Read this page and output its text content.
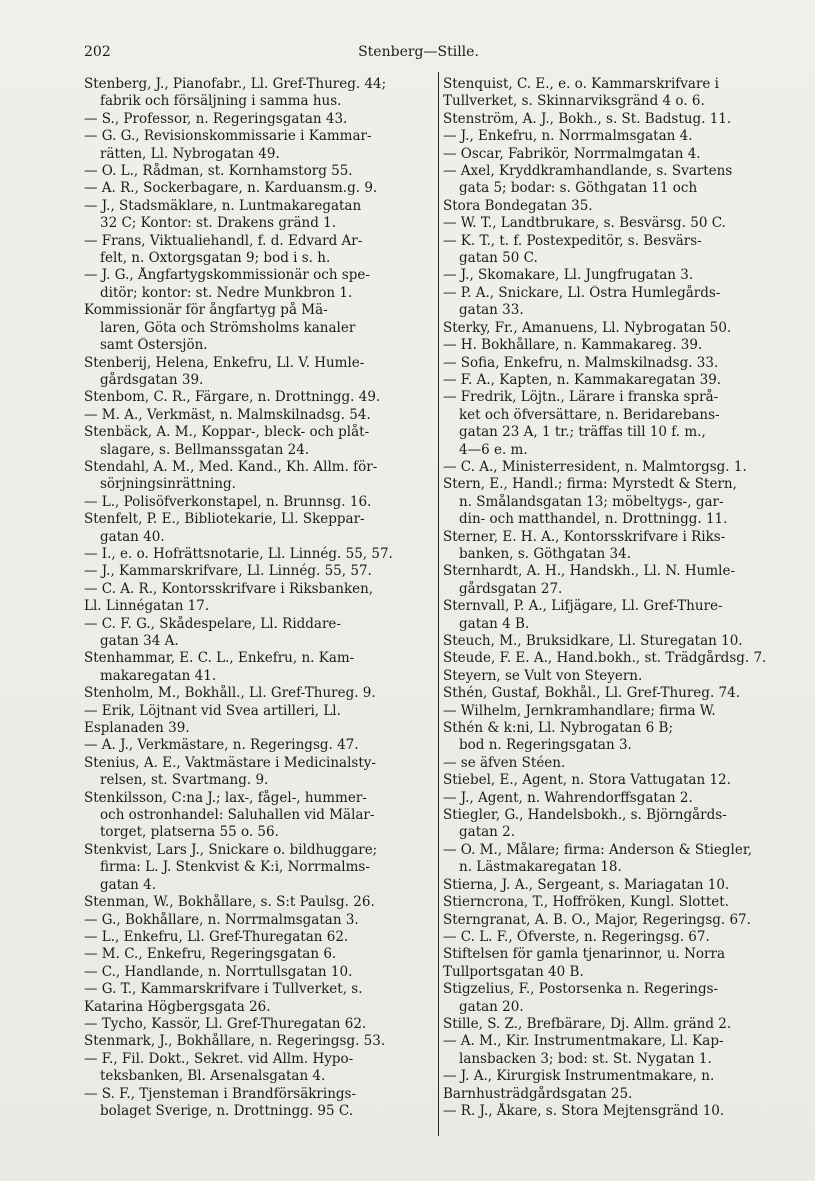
202	Stenberg—Stille.
Stenberg, J., Pianofabr., Ll. Gref-Thureg. 44;
fabrik och försäljning i samma hus.
— S., Professor, n. Regeringsgatan 43.
— G. G., Revisionskommissarie i Kammar-
rätten, Ll. Nybrogatan 49.
— O. L., Rådman, st. Kornhamstorg 55.
— A. R., Sockerbagare, n. Karduansm.g. 9.
— J., Stadsmäklare, n. Luntmakaregatan
32 C; Kontor: st. Drakens gränd 1.
— Frans, Viktualiehandl, f. d. Edvard Ar-
felt, n. Oxtorgsgatan 9; bod i s. h.
— J. G., Ångfartygskommissionär och spe-
ditör; kontor: st. Nedre Munkbron 1.
Kommissionär för ångfartyg på Mä-
laren, Göta och Strömsholms kanaler
samt Östersjön.
Stenberij, Helena, Enkefru, Ll. V. Humle-
gårdsgatan 39.
Stenbom, C. R., Färgare, n. Drottningg. 49.
— M. A., Verkmäst, n. Malmskilnadsg. 54.
Stenbäck, A. M., Koppar-, bleck- och plåt-
slagare, s. Bellmanssgatan 24.
Stendahl, A. M., Med. Kand., Kh. Allm. för-
sörjningsinrättning.
— L., Polisöfverkonstapel, n. Brunnsg. 16.
Stenfelt, P. E., Bibliotekarie, Ll. Skeppar-
gatan 40.
— I., e. o. Hofrättsnotarie, Ll. Linnég. 55, 57.
— J., Kammarskrifvare, Ll. Linnég. 55, 57.
— C. A. R., Kontorsskrifvare i Riksbanken,
Ll. Linnégatan 17.
— C. F. G., Skådespelare, Ll. Riddare-
gatan 34 A.
Stenhammar, E. C. L., Enkefru, n. Kam-
makaregatan 41.
Stenholm, M., Bokhåll., Ll. Gref-Thureg. 9.
— Erik, Löjtnant vid Svea artilleri, Ll.
Esplanaden 39.
— A. J., Verkmästare, n. Regeringsg. 47.
Stenius, A. E., Vaktmästare i Medicinalsty-
relsen, st. Svartmang. 9.
Stenkilsson, C:na J.; lax-, fågel-, hummer-
och ostronhandel: Saluhallen vid Mälar-
torget, platserna 55 o. 56.
Stenkvist, Lars J., Snickare o. bildhuggare;
firma: L. J. Stenkvist & K:i, Norrmalms-
gatan 4.
Stenman, W., Bokhållare, s. S:t Paulsg. 26.
— G., Bokhållare, n. Norrmalmsgatan 3.
— L., Enkefru, Ll. Gref-Thuregatan 62.
— M. C., Enkefru, Regeringsgatan 6.
— C., Handlande, n. Norrtullsgatan 10.
— G. T., Kammarskrifvare i Tullverket, s.
Katarina Högbergsgata 26.
— Tycho, Kassör, Ll. Gref-Thuregatan 62.
Stenmark, J., Bokhållare, n. Regeringsg. 53.
— F., Fil. Dokt., Sekret. vid Allm. Hypo-
teksbanken, Bl. Arsenalsgatan 4.
— S. F., Tjensteman i Brandförsäkrings-
bolaget Sverige, n. Drottningg. 95 C.
Stenquist, C. E., e. o. Kammarskrifvare i
Tullverket, s. Skinnarviksgränd 4 o. 6.
Stenström, A. J., Bokh., s. St. Badstug. 11.
— J., Enkefru, n. Norrmalmsgatan 4.
— Oscar, Fabrikör, Norrmalmgatan 4.
— Axel, Kryddkramhandlande, s. Svartens
gata 5; bodar: s. Göthgatan 11 och
Stora Bondegatan 35.
— W. T., Landtbrukare, s. Besvärsg. 50 C.
— K. T., t. f. Postexpeditör, s. Besvärs-
gatan 50 C.
— J., Skomakare, Ll. Jungfrugatan 3.
— P. A., Snickare, Ll. Östra Humlegårds-
gatan 33.
Sterky, Fr., Amanuens, Ll. Nybrogatan 50.
— H. Bokhållare, n. Kammakareg. 39.
— Sofia, Enkefru, n. Malmskilnadsg. 33.
— F. A., Kapten, n. Kammakaregatan 39.
— Fredrik, Löjtn., Lärare i franska språ-
ket och öfversättare, n. Beridarebans-
gatan 23 A, 1 tr.; träffas till 10 f. m.,
4—6 e. m.
— C. A., Ministerresident, n. Malmtorgsg. 1.
Stern, E., Handl.; firma: Myrstedt & Stern,
n. Smålandsgatan 13; möbeltygs-, gar-
din- och matthandel, n. Drottningg. 11.
Sterner, E. H. A., Kontorsskrifvare i Riks-
banken, s. Göthgatan 34.
Sternhardt, A. H., Handskh., Ll. N. Humle-
gårdsgatan 27.
Sternvall, P. A., Lifjägare, Ll. Gref-Thure-
gatan 4 B.
Steuch, M., Bruksidkare, Ll. Sturegatan 10.
Steude, F. E. A., Hand.bokh., st. Trädgårdsg. 7.
Steyern, se Vult von Steyern.
Sthén, Gustaf, Bokhål., Ll. Gref-Thureg. 74.
— Wilhelm, Jernkramhandlare; firma W.
Sthén & k:ni, Ll. Nybrogatan 6 B;
bod n. Regeringsgatan 3.
— se äfven Stéen.
Stiebel, E., Agent, n. Stora Vattugatan 12.
— J., Agent, n. Wahrendorffsgatan 2.
Stiegler, G., Handelsbokh., s. Björngårds-
gatan 2.
— O. M., Målare; firma: Anderson & Stiegler,
n. Lästmakaregatan 18.
Stierna, J. A., Sergeant, s. Mariagatan 10.
Stierncrona, T., Hoffröken, Kungl. Slottet.
Sterngranat, A. B. O., Major, Regeringsg. 67.
— C. L. F., Öfverste, n. Regeringsg. 67.
Stiftelsen för gamla tjenarinnor, u. Norra
Tullportsgatan 40 B.
Stigzelius, F., Postorsenka n. Regerings-
gatan 20.
Stille, S. Z., Brefbärare, Dj. Allm. gränd 2.
— A. M., Kir. Instrumentmakare, Ll. Kap-
lansbacken 3; bod: st. St. Nygatan 1.
— J. A., Kirurgisk Instrumentmakare, n.
Barnhusträdgårdsgatan 25.
— R. J., Åkare, s. Stora Mejtensgränd 10.
